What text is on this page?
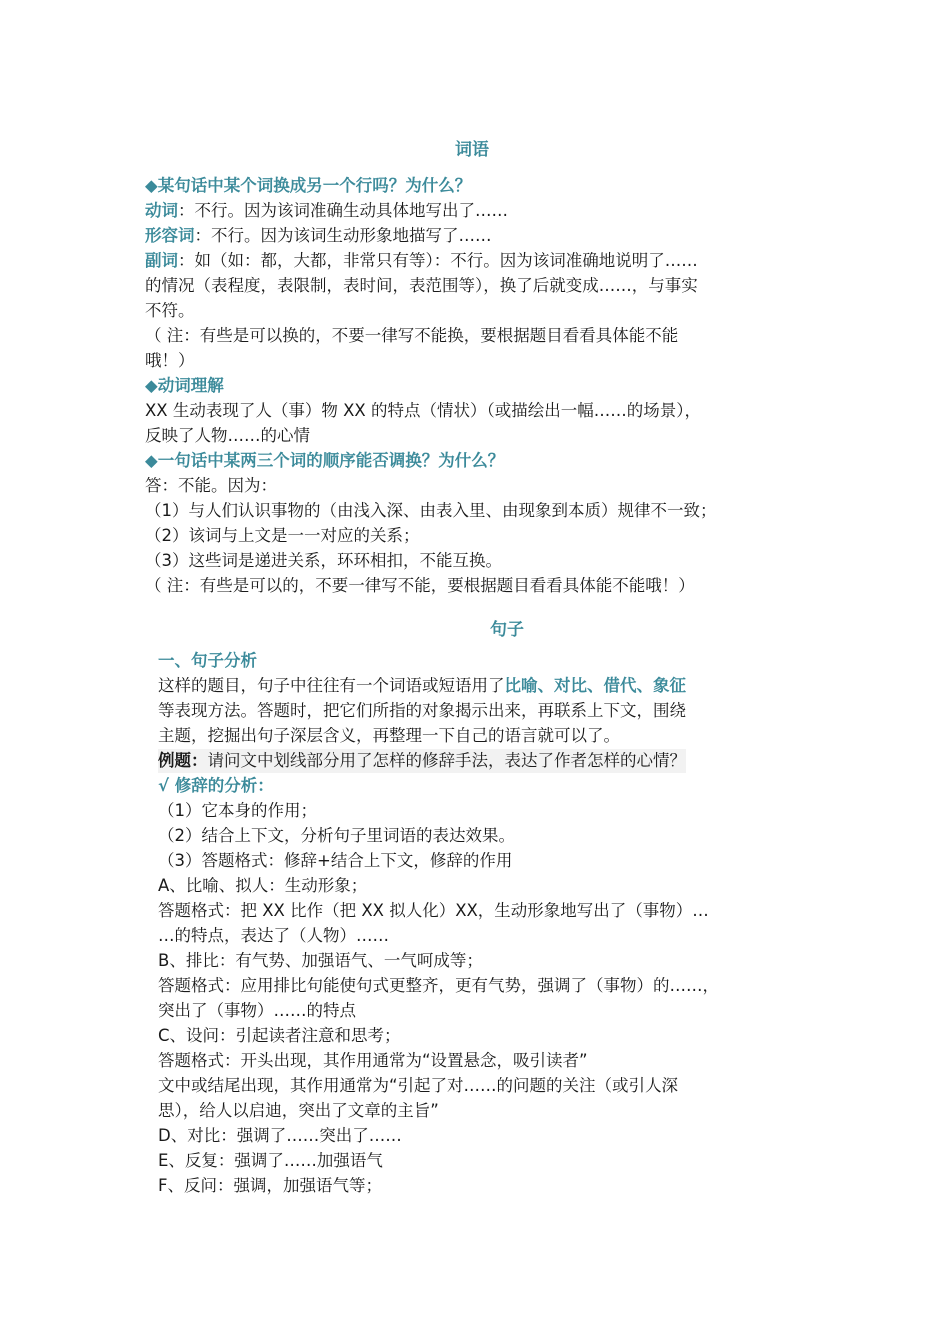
词语
◆某句话中某个词换成另一个行吗？为什么？
动词：不行。因为该词准确生动具体地写出了……
形容词：不行。因为该词生动形象地描写了……
副词：如（如：都，大都，非常只有等）：不行。因为该词准确地说明了……
的情况（表程度，表限制，表时间，表范围等），换了后就变成……，与事实
不符。
（ 注：有些是可以换的，不要一律写不能换，要根据题目看看具体能不能
哦！）
◆动词理解
XX 生动表现了人（事）物 XX 的特点（情状）（或描绘出一幅……的场景），
反映了人物……的心情
◆一句话中某两三个词的顺序能否调换？为什么？
答：不能。因为：
（1）与人们认识事物的（由浅入深、由表入里、由现象到本质）规律不一致；
（2）该词与上文是一一对应的关系；
（3）这些词是递进关系，环环相扣，不能互换。
（ 注：有些是可以的，不要一律写不能，要根据题目看看具体能不能哦！）
句子
一、句子分析
这样的题目，句子中往往有一个词语或短语用了比喻、对比、借代、象征
等表现方法。答题时，把它们所指的对象揭示出来，再联系上下文，围绕
主题，挖掘出句子深层含义，再整理一下自己的语言就可以了。
例题：请问文中划线部分用了怎样的修辞手法，表达了作者怎样的心情？
√ 修辞的分析：
（1）它本身的作用；
（2）结合上下文，分析句子里词语的表达效果。
（3）答题格式：修辞+结合上下文，修辞的作用
A、比喻、拟人：生动形象；
答题格式：把 XX 比作（把 XX 拟人化）XX，生动形象地写出了（事物）…
…的特点，表达了（人物）……
B、排比：有气势、加强语气、一气呵成等；
答题格式：应用排比句能使句式更整齐，更有气势，强调了（事物）的……，
突出了（事物）……的特点
C、设问：引起读者注意和思考；
答题格式：开头出现，其作用通常为“设置悬念，吸引读者”
文中或结尾出现，其作用通常为“引起了对……的问题的关注（或引人深
思），给人以启迪，突出了文章的主旨”
D、对比：强调了……突出了……
E、反复：强调了……加强语气
F、反问：强调，加强语气等；
